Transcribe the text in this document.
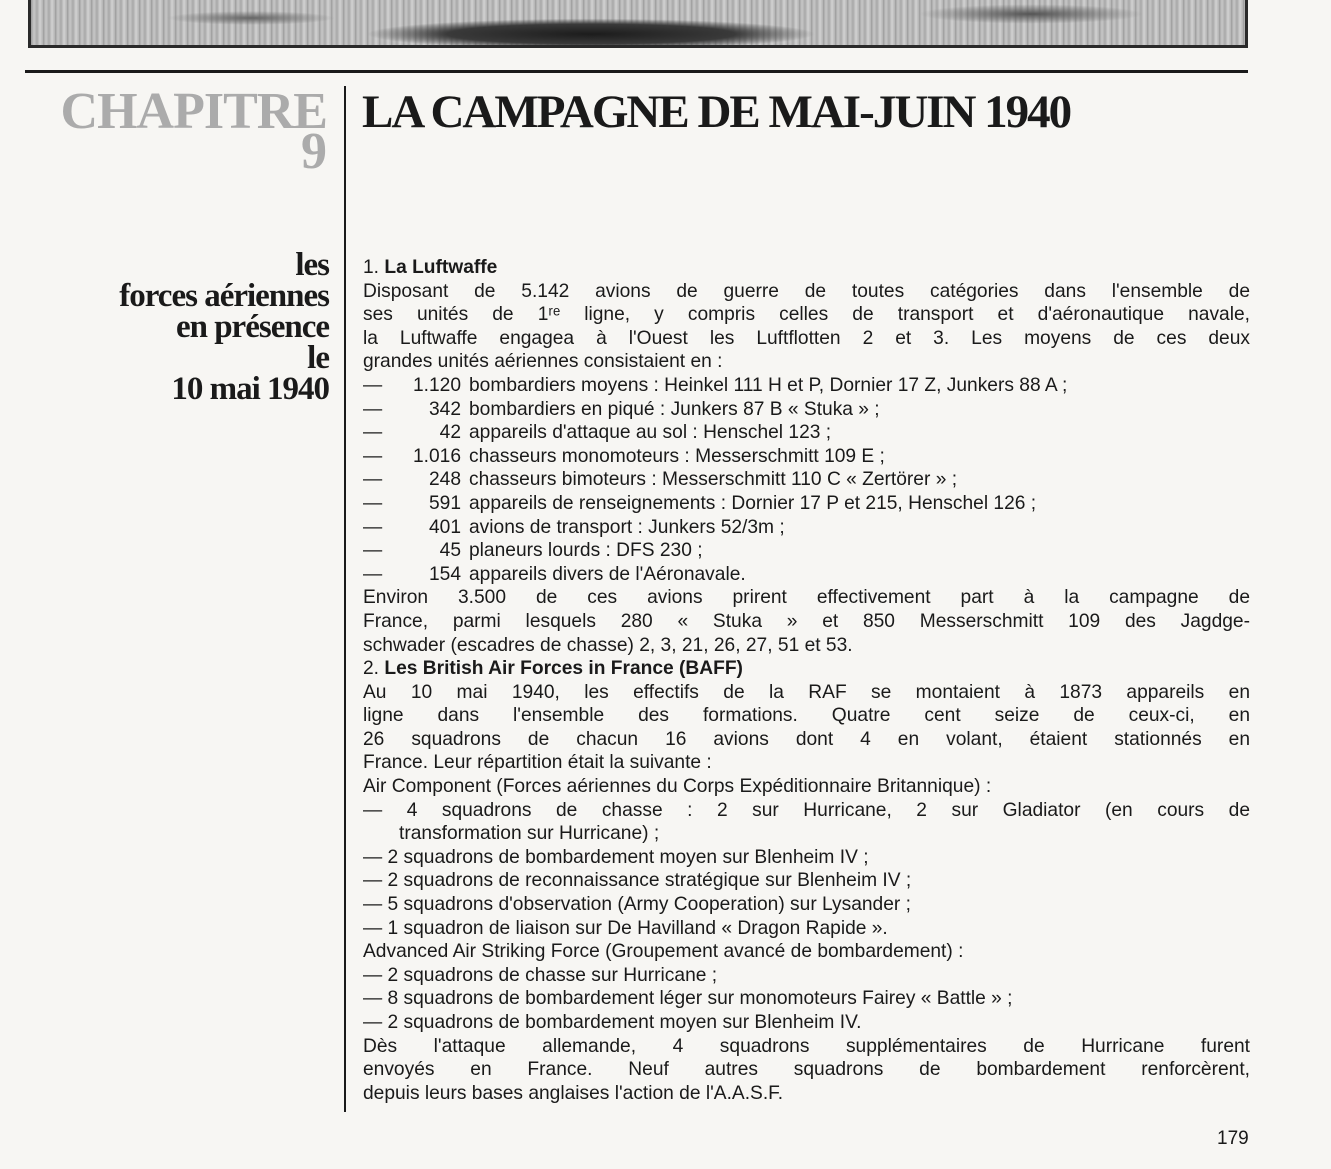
CHAPITRE
9
LA CAMPAGNE DE MAI-JUIN 1940
les
forces aériennes
en présence
le
10 mai 1940
1. La Luftwaffe
Disposant de 5.142 avions de guerre de toutes catégories dans l'ensemble de
ses unités de 1ʳᵉ ligne, y compris celles de transport et d'aéronautique navale,
la Luftwaffe engagea à l'Ouest les Luftflotten 2 et 3. Les moyens de ces deux
grandes unités aériennes consistaient en :
— 1.120 bombardiers moyens : Heinkel 111 H et P, Dornier 17 Z, Junkers 88 A ;
— 342 bombardiers en piqué : Junkers 87 B « Stuka » ;
—	42 appareils d'attaque au sol : Henschel 123 ;
— 1.016 chasseurs monomoteurs : Messerschmitt 109 E ;
— 248 chasseurs bimoteurs : Messerschmitt 110 C « Zertörer » ;
— 591 appareils de renseignements : Dornier 17 P et 215, Henschel 126 ;
— 401 avions de transport : Junkers 52/3m ;
—	45 planeurs lourds : DFS 230 ;
— 154 appareils divers de l'Aéronavale.
Environ 3.500 de ces avions prirent effectivement part à la campagne de
France, parmi lesquels 280 « Stuka » et 850 Messerschmitt 109 des Jagdge-
schwader (escadres de chasse) 2, 3, 21, 26, 27, 51 et 53.
2. Les British Air Forces in France (BAFF)
Au 10 mai 1940, les effectifs de la RAF se montaient à 1873 appareils en
ligne dans l'ensemble des formations. Quatre cent seize de ceux-ci, en
26 squadrons de chacun 16 avions dont 4 en volant, étaient stationnés en
France. Leur répartition était la suivante :
Air Component (Forces aériennes du Corps Expéditionnaire Britannique) :
— 4 squadrons de chasse : 2 sur Hurricane, 2 sur Gladiator (en cours de
transformation sur Hurricane) ;
— 2 squadrons de bombardement moyen sur Blenheim IV ;
— 2 squadrons de reconnaissance stratégique sur Blenheim IV ;
— 5 squadrons d'observation (Army Cooperation) sur Lysander ;
— 1 squadron de liaison sur De Havilland « Dragon Rapide ».
Advanced Air Striking Force (Groupement avancé de bombardement) :
— 2 squadrons de chasse sur Hurricane ;
— 8 squadrons de bombardement léger sur monomoteurs Fairey « Battle » ;
— 2 squadrons de bombardement moyen sur Blenheim IV.
Dès l'attaque allemande, 4 squadrons supplémentaires de Hurricane furent
envoyés en France. Neuf autres squadrons de bombardement renforcèrent,
depuis leurs bases anglaises l'action de l'A.A.S.F.
179
